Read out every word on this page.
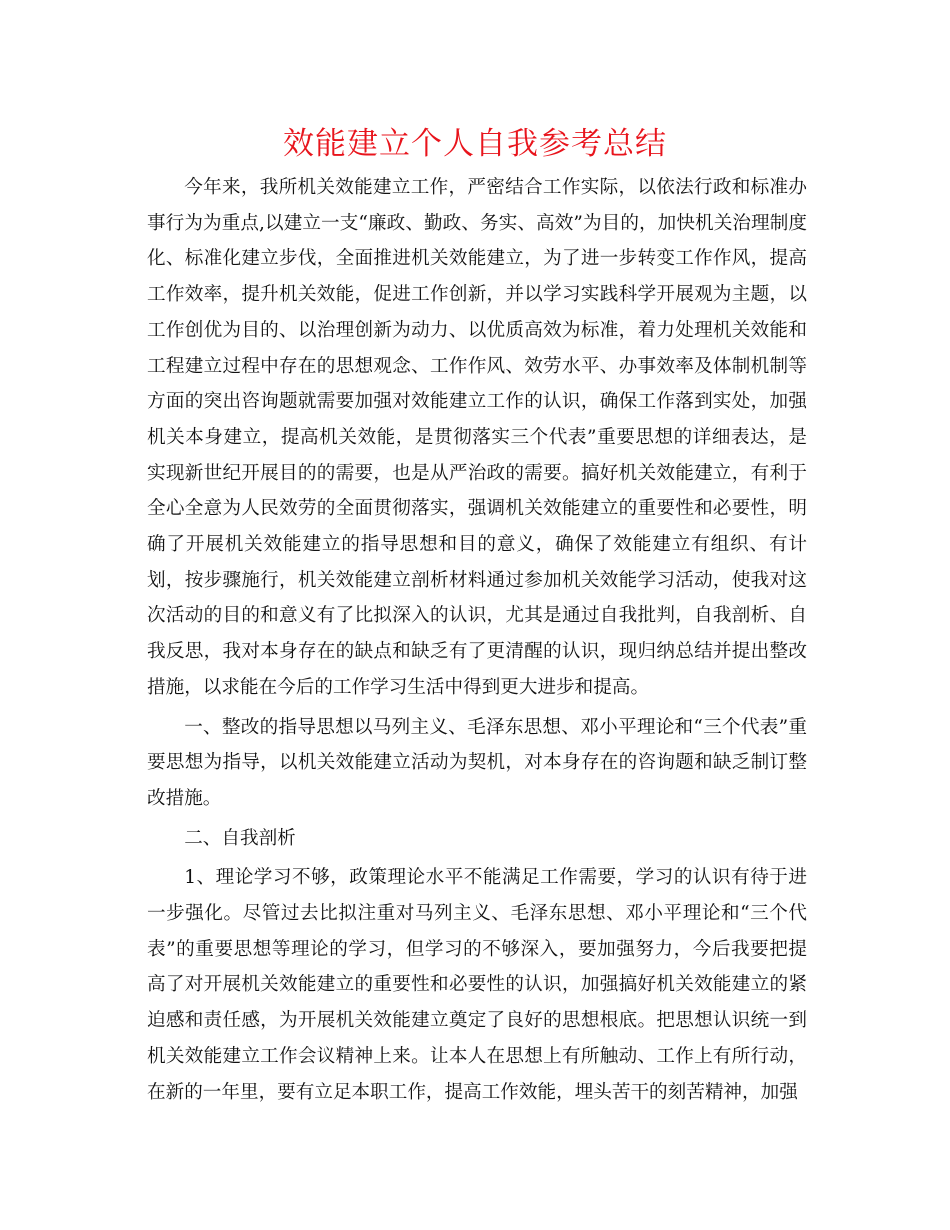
效能建立个人自我参考总结

今年来，我所机关效能建立工作，严密结合工作实际，以依法行政和标准办事行为为重点,以建立一支“廉政、勤政、务实、高效”为目的，加快机关治理制度化、标准化建立步伐，全面推进机关效能建立，为了进一步转变工作作风，提高工作效率，提升机关效能，促进工作创新，并以学习实践科学开展观为主题，以工作创优为目的、以治理创新为动力、以优质高效为标准，着力处理机关效能和工程建立过程中存在的思想观念、工作作风、效劳水平、办事效率及体制机制等方面的突出咨询题就需要加强对效能建立工作的认识，确保工作落到实处，加强机关本身建立，提高机关效能，是贯彻落实三个代表”重要思想的详细表达，是实现新世纪开展目的的需要，也是从严治政的需要。搞好机关效能建立，有利于全心全意为人民效劳的全面贯彻落实，强调机关效能建立的重要性和必要性，明确了开展机关效能建立的指导思想和目的意义，确保了效能建立有组织、有计划，按步骤施行，机关效能建立剖析材料通过参加机关效能学习活动，使我对这次活动的目的和意义有了比拟深入的认识，尤其是通过自我批判，自我剖析、自我反思，我对本身存在的缺点和缺乏有了更清醒的认识，现归纳总结并提出整改措施，以求能在今后的工作学习生活中得到更大进步和提高。

一、整改的指导思想以马列主义、毛泽东思想、邓小平理论和“三个代表”重要思想为指导，以机关效能建立活动为契机，对本身存在的咨询题和缺乏制订整改措施。

二、自我剖析

1、理论学习不够，政策理论水平不能满足工作需要，学习的认识有待于进一步强化。尽管过去比拟注重对马列主义、毛泽东思想、邓小平理论和“三个代表”的重要思想等理论的学习，但学习的不够深入，要加强努力，今后我要把提高了对开展机关效能建立的重要性和必要性的认识，加强搞好机关效能建立的紧迫感和责任感，为开展机关效能建立奠定了良好的思想根底。把思想认识统一到机关效能建立工作会议精神上来。让本人在思想上有所触动、工作上有所行动，在新的一年里，要有立足本职工作，提高工作效能，埋头苦干的刻苦精神，加强
